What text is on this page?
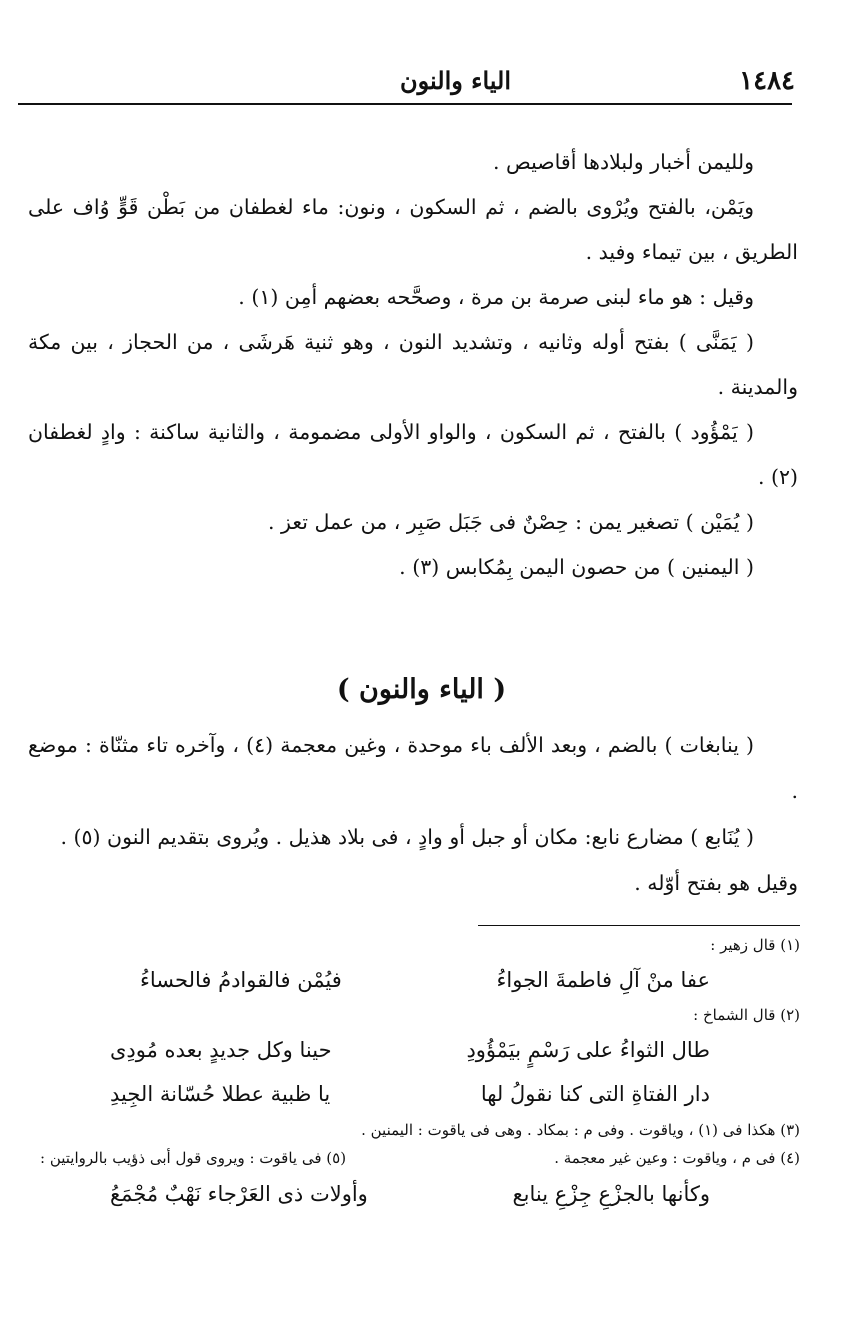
١٤٨٤
الياء والنون

ولليمن أخبار ولبلادها أقاصيص .

ويَمْن، بالفتح ويُرْوى بالضم ، ثم السكون ، ونون: ماء لغطفان من بَطْن قَوٍّ وُاف على الطريق ، بين تيماء وفيد .

وقيل : هو ماء لبنى صرمة بن مرة ، وصحَّحه بعضهم أمِن (١) .

( يَمَنَّى ) بفتح أوله وثانيه ، وتشديد النون ، وهو ثنية هَرشَى ، من الحجاز ، بين مكة والمدينة .

( يَمْؤُود ) بالفتح ، ثم السكون ، والواو الأولى مضمومة ، والثانية ساكنة : وادٍ لغطفان (٢) .

( يُمَيْن ) تصغير يمن : حِصْنٌ فى جَبَل صَبِر ، من عمل تعز .

( اليمنين ) من حصون اليمن بِمُكابس (٣) .

( الياء والنون )

( ينابغات ) بالضم ، وبعد الألف باء موحدة ، وغين معجمة (٤) ، وآخره تاء مثنّاة : موضع .

( يُنَابع ) مضارع نابع: مكان أو جبل أو وادٍ ، فى بلاد هذيل . ويُروى بتقديم النون (٥) .

وقيل هو بفتح أوّله .

(١) قال زهير :
عفا منْ آلِ فاطمةَ الجواءُ
فيُمْن فالقوادمُ فالحساءُ
(٢) قال الشماخ :
طال الثواءُ على رَسْمٍ بيَمْؤُودِ
حينا وكل جديدٍ بعده مُودِى
دار الفتاةِ التى كنا نقولُ لها
يا ظبية عطلا حُسّانة الجِيدِ
(٣) هكذا فى (١) ، وياقوت . وفى م : بمكاد . وهى فى ياقوت : اليمنين .
(٤) فى م ، وياقوت : وعين غير معجمة .
(٥) فى ياقوت : ويروى قول أبى ذؤيب بالروايتين :
وكأنها بالجزْعِ جِزْعِ ينابع
وأولات ذى العَرْجاء نَهْبٌ مُجْمَعُ
